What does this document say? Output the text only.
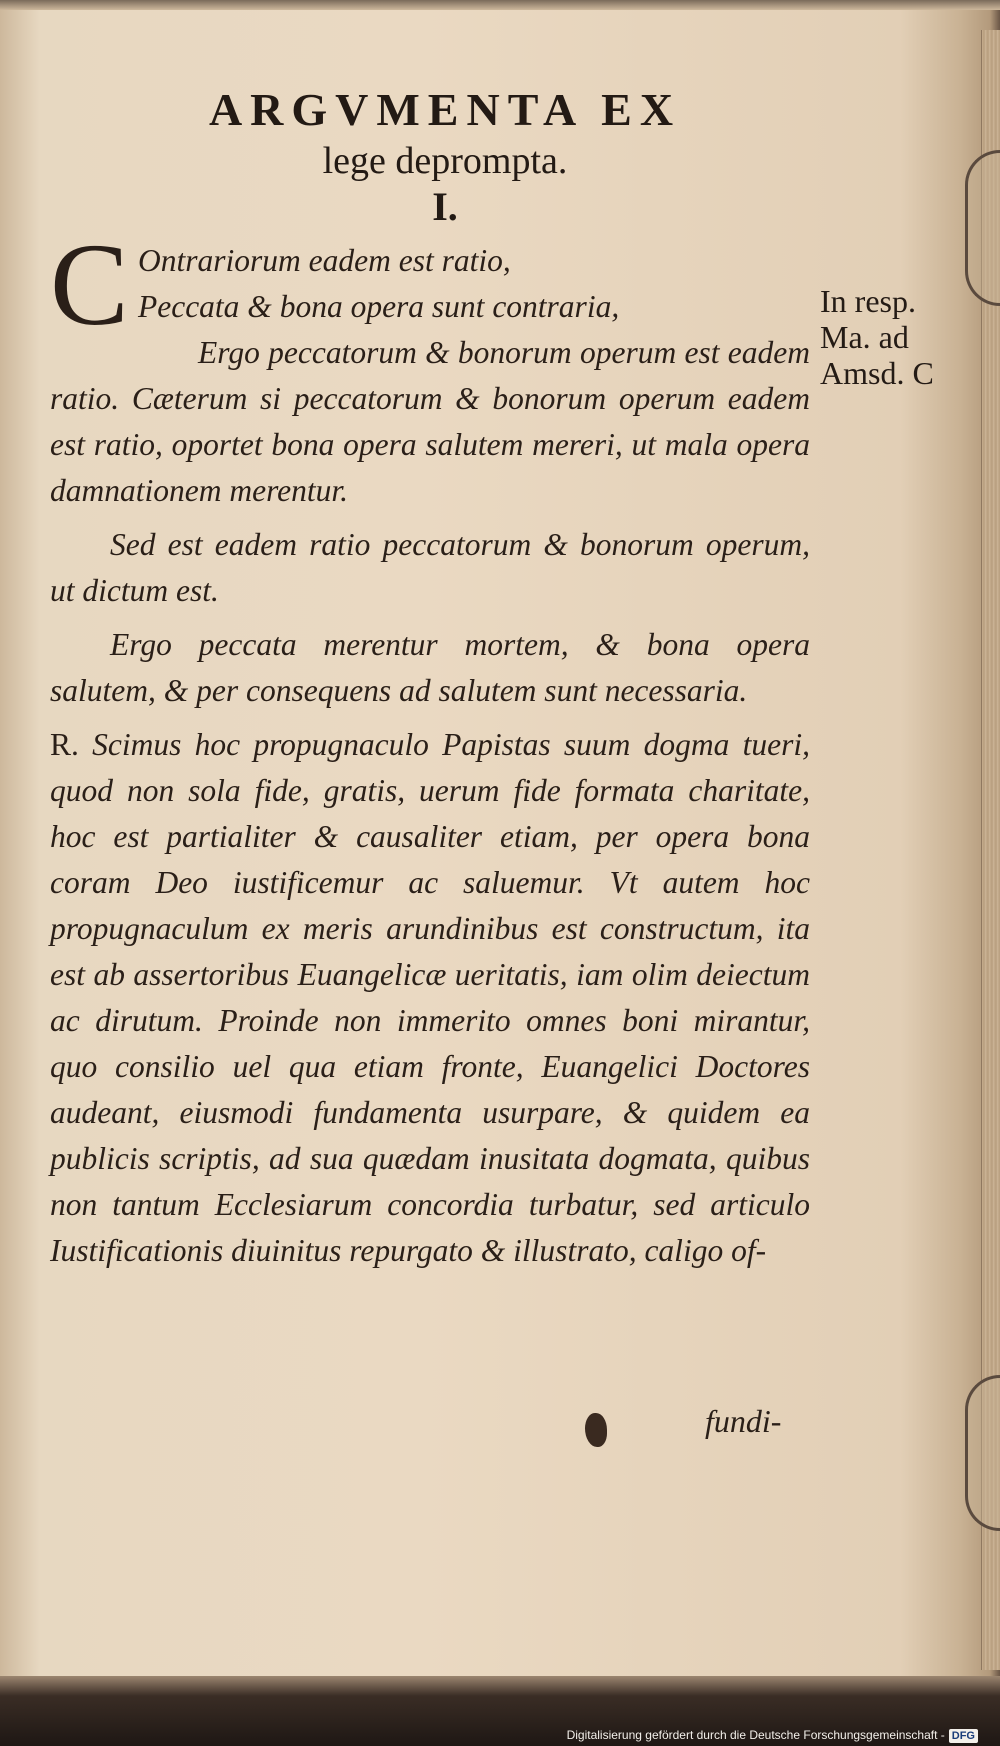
ARGVMENTA EX
lege deprompta.
I.
C Ontrariorum eadem est ratio,

Peccata & bona opera sunt contraria,

Ergo peccatorum & bonorum operum est eadem ratio. Cæterum si peccatorum & bonorum operum eadem est ratio, oportet bona opera salutem mereri, ut mala opera damnationem merentur.

Sed est eadem ratio peccatorum & bonorum operum, ut dictum est.

Ergo peccata merentur mortem, & bona opera salutem, & per consequens ad salutem sunt necessaria.

R. Scimus hoc propugnaculo Papistas suum dogma tueri, quod non sola fide, gratis, uerum fide formata charitate, hoc est partialiter & causaliter etiam, per opera bona coram Deo iustificemur ac saluemur. Vt autem hoc propugnaculum ex meris arundinibus est constructum, ita est ab assertoribus Euangelicæ ueritatis, iam olim deiectum ac dirutum. Proinde non immerito omnes boni mirantur, quo consilio uel qua etiam fronte, Euangelici Doctores audeant, eiusmodi fundamenta usurpare, & quidem ea publicis scriptis, ad sua quædam inusitata dogmata, quibus non tantum Ecclesiarum concordia turbatur, sed articulo Iustificationis diuinitus repurgato & illustrato, caligo of-

In resp.
Ma. ad
Amsd. C
fundi-
Digitalisierung gefördert durch die Deutsche Forschungsgemeinschaft - DFG
